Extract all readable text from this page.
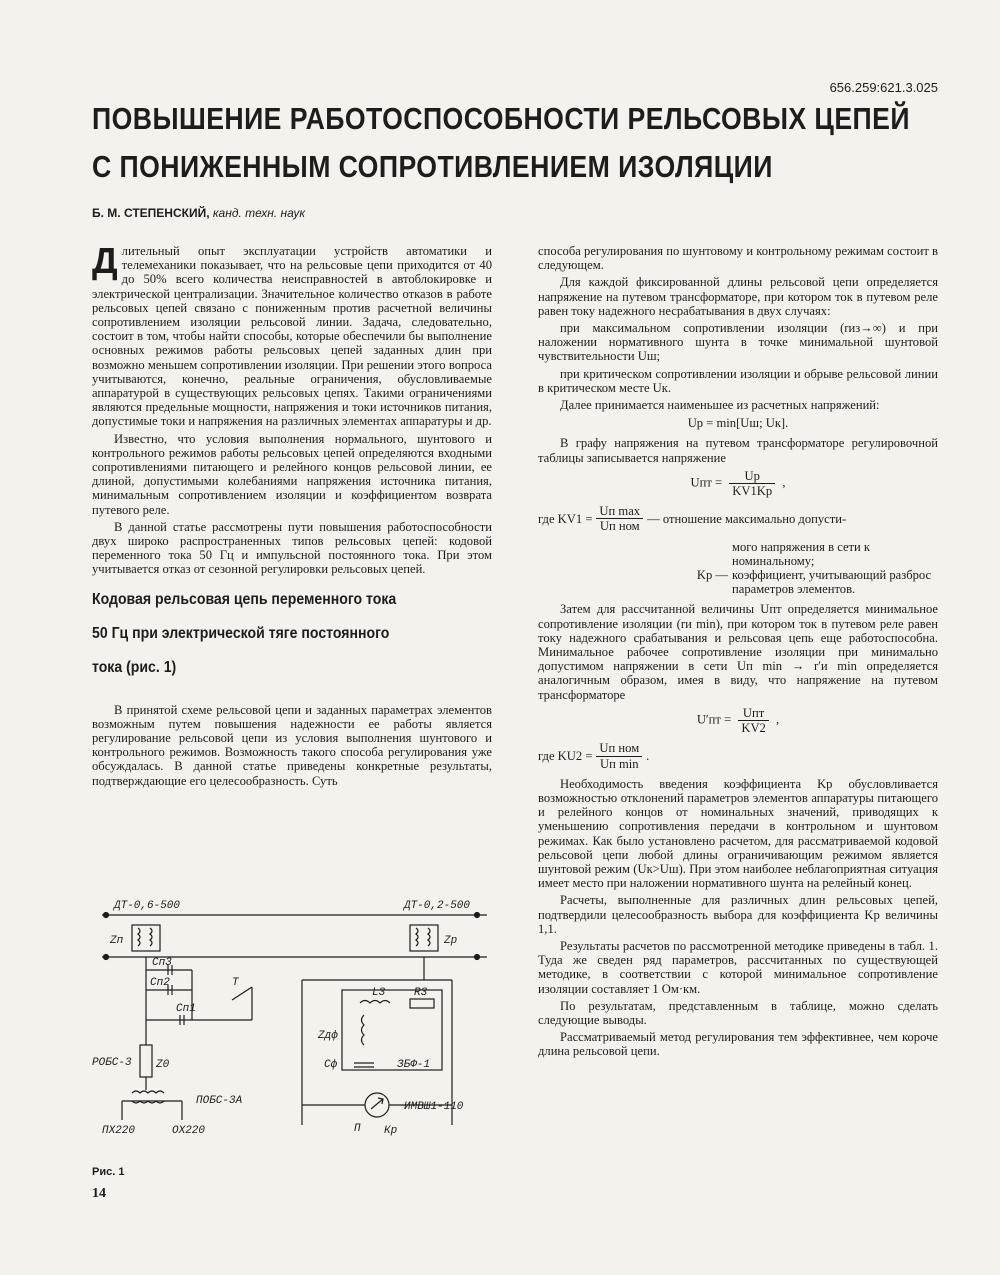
656.259:621.3.025
ПОВЫШЕНИЕ РАБОТОСПОСОБНОСТИ РЕЛЬСОВЫХ ЦЕПЕЙ
С ПОНИЖЕННЫМ СОПРОТИВЛЕНИЕМ ИЗОЛЯЦИИ
Б. М. СТЕПЕНСКИЙ, канд. техн. наук

Длительный опыт эксплуатации устройств автоматики и телемеханики показывает, что на рельсовые цепи приходится от 40 до 50% всего количества неисправностей в автоблокировке и электрической централизации. Значительное количество отказов в работе рельсовых цепей связано с пониженным против расчетной величины сопротивлением изоляции рельсовой линии. Задача, следовательно, состоит в том, чтобы найти способы, которые обеспечили бы выполнение основных режимов работы рельсовых цепей заданных длин при возможно меньшем сопротивлении изоляции. При решении этого вопроса учитываются, конечно, реальные ограничения, обусловливаемые аппаратурой в существующих рельсовых цепях. Такими ограничениями являются предельные мощности, напряжения и токи источников питания, допустимые токи и напряжения на различных элементах аппаратуры и др.

Известно, что условия выполнения нормального, шунтового и контрольного режимов работы рельсовых цепей определяются входными сопротивлениями питающего и релейного концов рельсовой линии, ее длиной, допустимыми колебаниями напряжения источника питания, минимальным сопротивлением изоляции и коэффициентом возврата путевого реле.

В данной статье рассмотрены пути повышения работоспособности двух широко распространенных типов рельсовых цепей: кодовой переменного тока 50 Гц и импульсной постоянного тока. При этом учитывается отказ от сезонной регулировки рельсовых цепей.

Кодовая рельсовая цепь переменного тока
50 Гц при электрической тяге постоянного
тока (рис. 1)

В принятой схеме рельсовой цепи и заданных параметрах элементов возможным путем повышения надежности ее работы является регулирование рельсовой цепи из условия выполнения шунтового и контрольного режимов. Возможность такого способа регулирования уже обсуждалась. В данной статье приведены конкретные результаты, подтверждающие его целесообразность. Суть

способа регулирования по шунтовому и контрольному режимам состоит в следующем.

Для каждой фиксированной длины рельсовой цепи определяется напряжение на путевом трансформаторе, при котором ток в путевом реле равен току надежного несрабатывания в двух случаях:

при максимальном сопротивлении изоляции (rиз→∞) и при наложении нормативного шунта в точке минимальной шунтовой чувствительности Uш;

при критическом сопротивлении изоляции и обрыве рельсовой линии в критическом месте Uк.

Далее принимается наименьшее из расчетных напряжений:

Uр = min[Uш; Uк].

В графу напряжения на путевом трансформаторе регулировочной таблицы записывается напряжение

Uпт = $\frac{Uр}{KV1Kр}$ ,
где $KV1 = \frac{\text{Uп max}}{\text{Uп ном}}$ — отношение максимально допусти-
мого напряжения в сети к номинальному;
Kр — коэффициент, учитывающий разброс параметров элементов.

Затем для рассчитанной величины Uпт определяется минимальное сопротивление изоляции (rи min), при котором ток в путевом реле равен току надежного срабатывания и рельсовая цепь еще работоспособна. Минимальное рабочее сопротивление изоляции при минимально допустимом напряжении в сети Uп min → r′и min определяется аналогичным образом, имея в виду, что напряжение на путевом трансформаторе

$U'пт = \frac{\text{Uпт}}{KV2}$ ,
где $KU2 = \frac{\text{Uп ном}}{\text{Uп min}}$ .

Необходимость введения коэффициента Kр обусловливается возможностью отклонений параметров элементов аппаратуры питающего и релейного концов от номинальных значений, приводящих к уменьшению сопротивления передачи в контрольном и шунтовом режимах. Как было установлено расчетом, для рассматриваемой кодовой рельсовой цепи любой длины ограничивающим режимом является шунтовой режим (Uк>Uш). При этом наиболее неблагоприятная ситуация имеет место при наложении нормативного шунта на релейный конец.

Расчеты, выполненные для различных длин рельсовых цепей, подтвердили целесообразность выбора для коэффициента Kр величины 1,1.

Результаты расчетов по рассмотренной методике приведены в табл. 1. Туда же сведен ряд параметров, рассчитанных по существующей методике, в соответствии с которой минимальное сопротивление изоляции составляет 1 Ом·км.

По результатам, представленным в таблице, можно сделать следующие выводы.

Рассматриваемый метод регулирования тем эффективнее, чем короче длина рельсовой цепи.

ДТ-0,6-500	ДТ-0,2-500
Zп	Zр
Cп3
Cп2
Cп1
Т
РОБС-3 Z0
ПОБС-3А
ПХ220	ОХ220
L3	R3
Zдф
Cф	ЗБФ-1
ИМВШ1-110
П Кр
Рис. 1
14
